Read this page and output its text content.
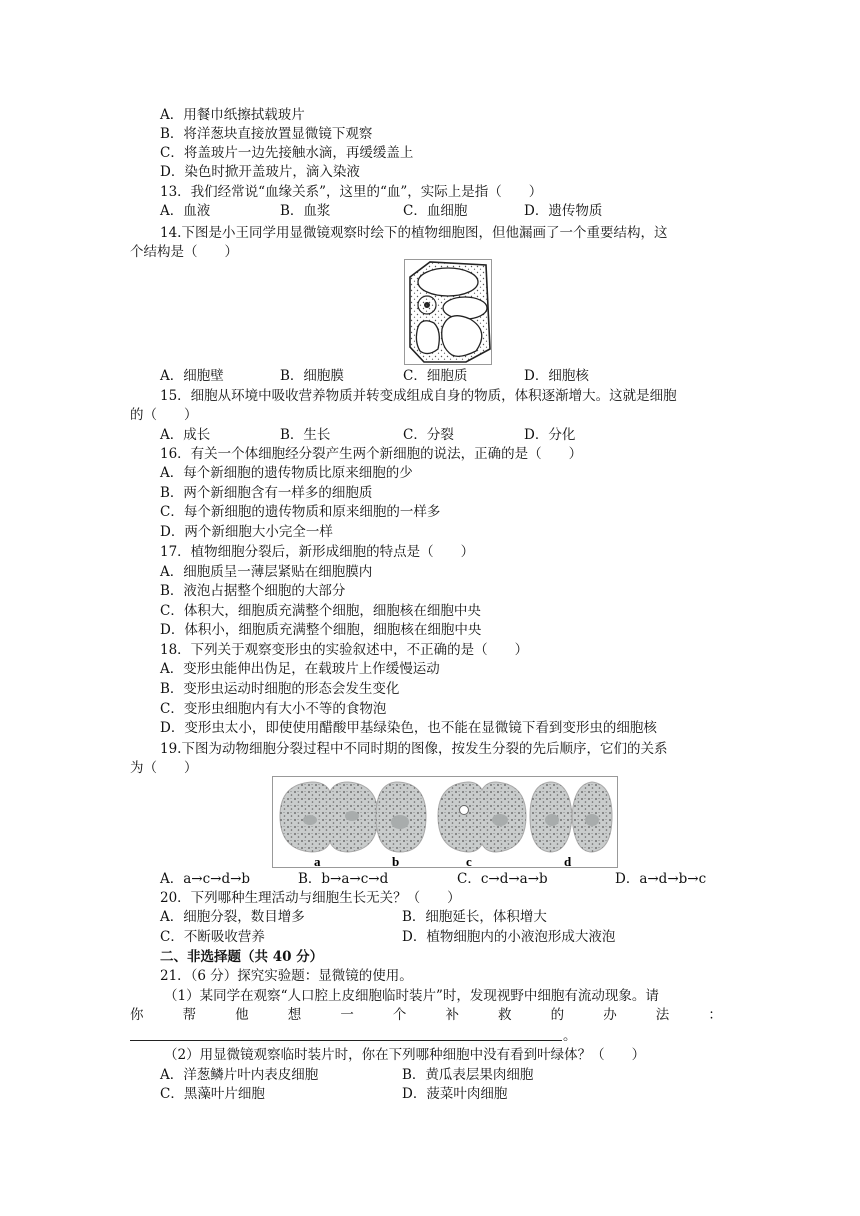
A．用餐巾纸擦拭载玻片
B．将洋葱块直接放置显微镜下观察
C．将盖玻片一边先接触水滴，再缓缓盖上
D．染色时掀开盖玻片，滴入染液
13．我们经常说“血缘关系”，这里的“血”，实际上是指（　　）
A．血液	B．血浆	C．血细胞	D．遗传物质
14.下图是小王同学用显微镜观察时绘下的植物细胞图，但他漏画了一个重要结构，这
个结构是（　　）
A．细胞壁	B．细胞膜	C．细胞质	D．细胞核
15．细胞从环境中吸收营养物质并转变成组成自身的物质，体积逐渐增大。这就是细胞
的（　　）
A．成长	B．生长	C．分裂	D．分化
16．有关一个体细胞经分裂产生两个新细胞的说法，正确的是（　　）
A．每个新细胞的遗传物质比原来细胞的少
B．两个新细胞含有一样多的细胞质
C．每个新细胞的遗传物质和原来细胞的一样多
D．两个新细胞大小完全一样
17．植物细胞分裂后，新形成细胞的特点是（　　）
A．细胞质呈一薄层紧贴在细胞膜内
B．液泡占据整个细胞的大部分
C．体积大，细胞质充满整个细胞，细胞核在细胞中央
D．体积小，细胞质充满整个细胞，细胞核在细胞中央
18．下列关于观察变形虫的实验叙述中，不正确的是（　　）
A．变形虫能伸出伪足，在载玻片上作缓慢运动
B．变形虫运动时细胞的形态会发生变化
C．变形虫细胞内有大小不等的食物泡
D．变形虫太小，即使使用醋酸甲基绿染色，也不能在显微镜下看到变形虫的细胞核
19.下图为动物细胞分裂过程中不同时期的图像，按发生分裂的先后顺序，它们的关系
为（　　）
a	b	c	d
A．a→c→d→b	B．b→a→c→d	C．c→d→a→b	D．a→d→b→c
20．下列哪种生理活动与细胞生长无关？（　　）
A．细胞分裂，数目增多	B．细胞延长，体积增大
C．不断吸收营养	D．植物细胞内的小液泡形成大液泡
二、非选择题（共 40 分）
21．（6 分）探究实验题：显微镜的使用。
（1）某同学在观察“人口腔上皮细胞临时装片”时，发现视野中细胞有流动现象。请
你	帮	他	想	一	个	补	救	的	办	法	：
。
（2）用显微镜观察临时装片时，你在下列哪种细胞中没有看到叶绿体？（　　）
A．洋葱鳞片叶内表皮细胞	B．黄瓜表层果肉细胞
C．黑藻叶片细胞	D．菠菜叶肉细胞
